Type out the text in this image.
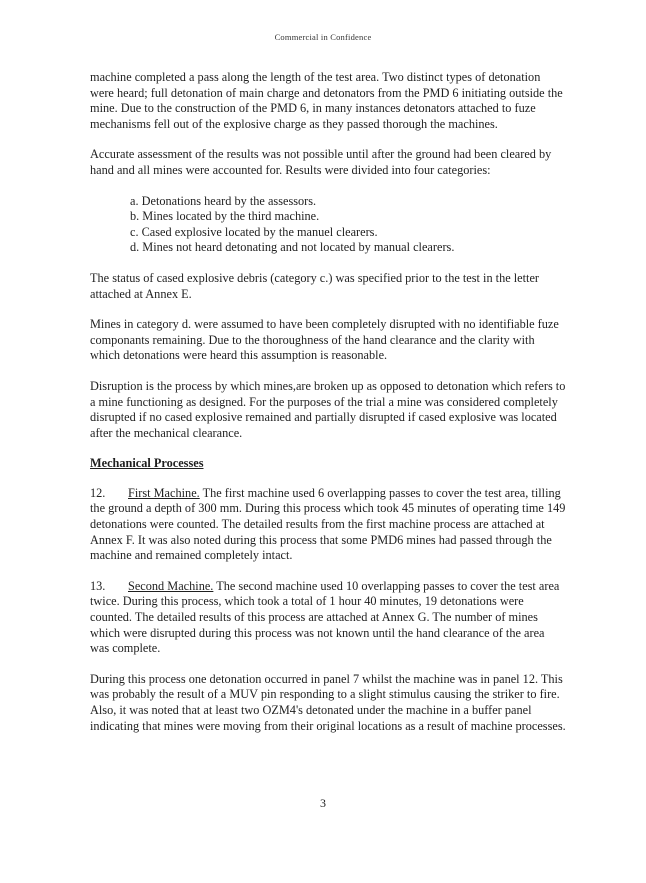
Commercial in Confidence

machine completed a pass along the length of the test area. Two distinct types of detonation were heard; full detonation of main charge and detonators from the PMD 6 initiating outside the mine. Due to the construction of the PMD 6, in many instances detonators attached to fuze mechanisms fell out of the explosive charge as they passed thorough the machines.

Accurate assessment of the results was not possible until after the ground had been cleared by hand and all mines were accounted for. Results were divided into four categories:

a. Detonations heard by the assessors.
b. Mines located by the third machine.
c. Cased explosive located by the manuel clearers.
d. Mines not heard detonating and not located by manual clearers.

The status of cased explosive debris (category c.) was specified prior to the test in the letter attached at Annex E.

Mines in category d. were assumed to have been completely disrupted with no identifiable fuze componants remaining. Due to the thoroughness of the hand clearance and the clarity with which detonations were heard this assumption is reasonable.

Disruption is the process by which mines,are broken up as opposed to detonation which refers to a mine functioning as designed. For the purposes of the trial a mine was considered completely disrupted if no cased explosive remained and partially disrupted if cased explosive was located after the mechanical clearance.

Mechanical Processes

12. First Machine. The first machine used 6 overlapping passes to cover the test area, tilling the ground a depth of 300 mm. During this process which took 45 minutes of operating time 149 detonations were counted. The detailed results from the first machine process are attached at Annex F. It was also noted during this process that some PMD6 mines had passed through the machine and remained completely intact.

13. Second Machine. The second machine used 10 overlapping passes to cover the test area twice. During this process, which took a total of 1 hour 40 minutes, 19 detonations were counted. The detailed results of this process are attached at Annex G. The number of mines which were disrupted during this process was not known until the hand clearance of the area was complete.

During this process one detonation occurred in panel 7 whilst the machine was in panel 12. This was probably the result of a MUV pin responding to a slight stimulus causing the striker to fire. Also, it was noted that at least two OZM4's detonated under the machine in a buffer panel indicating that mines were moving from their original locations as a result of machine processes.

3
